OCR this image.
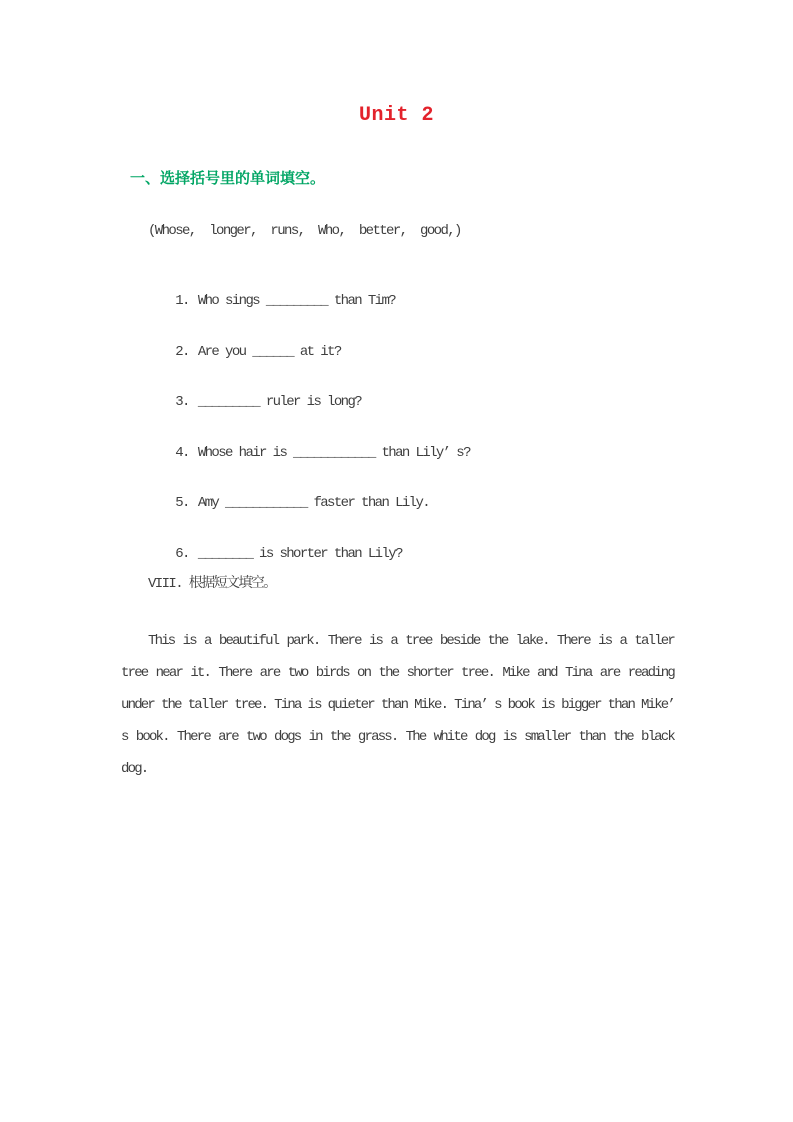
Unit 2
一、选择括号里的单词填空。
(Whose,  longer,  runs,  Who,  better,  good,)

1. Who sings _________ than Tim?

2. Are you ______ at it?

3. _________ ruler is long?

4. Whose hair is ____________ than Lily’ s?

5. Amy ____________ faster than Lily.

6. ________ is shorter than Lily?

VIII. 根据短文填空。
This is a beautiful park. There is a tree beside the lake. There is a taller
tree near it. There are two birds on the shorter tree. Mike and Tina are reading
under the taller tree. Tina is quieter than Mike. Tina’ s book is bigger than Mike’
s book. There are two dogs in the grass. The white dog is smaller than the black
dog.
